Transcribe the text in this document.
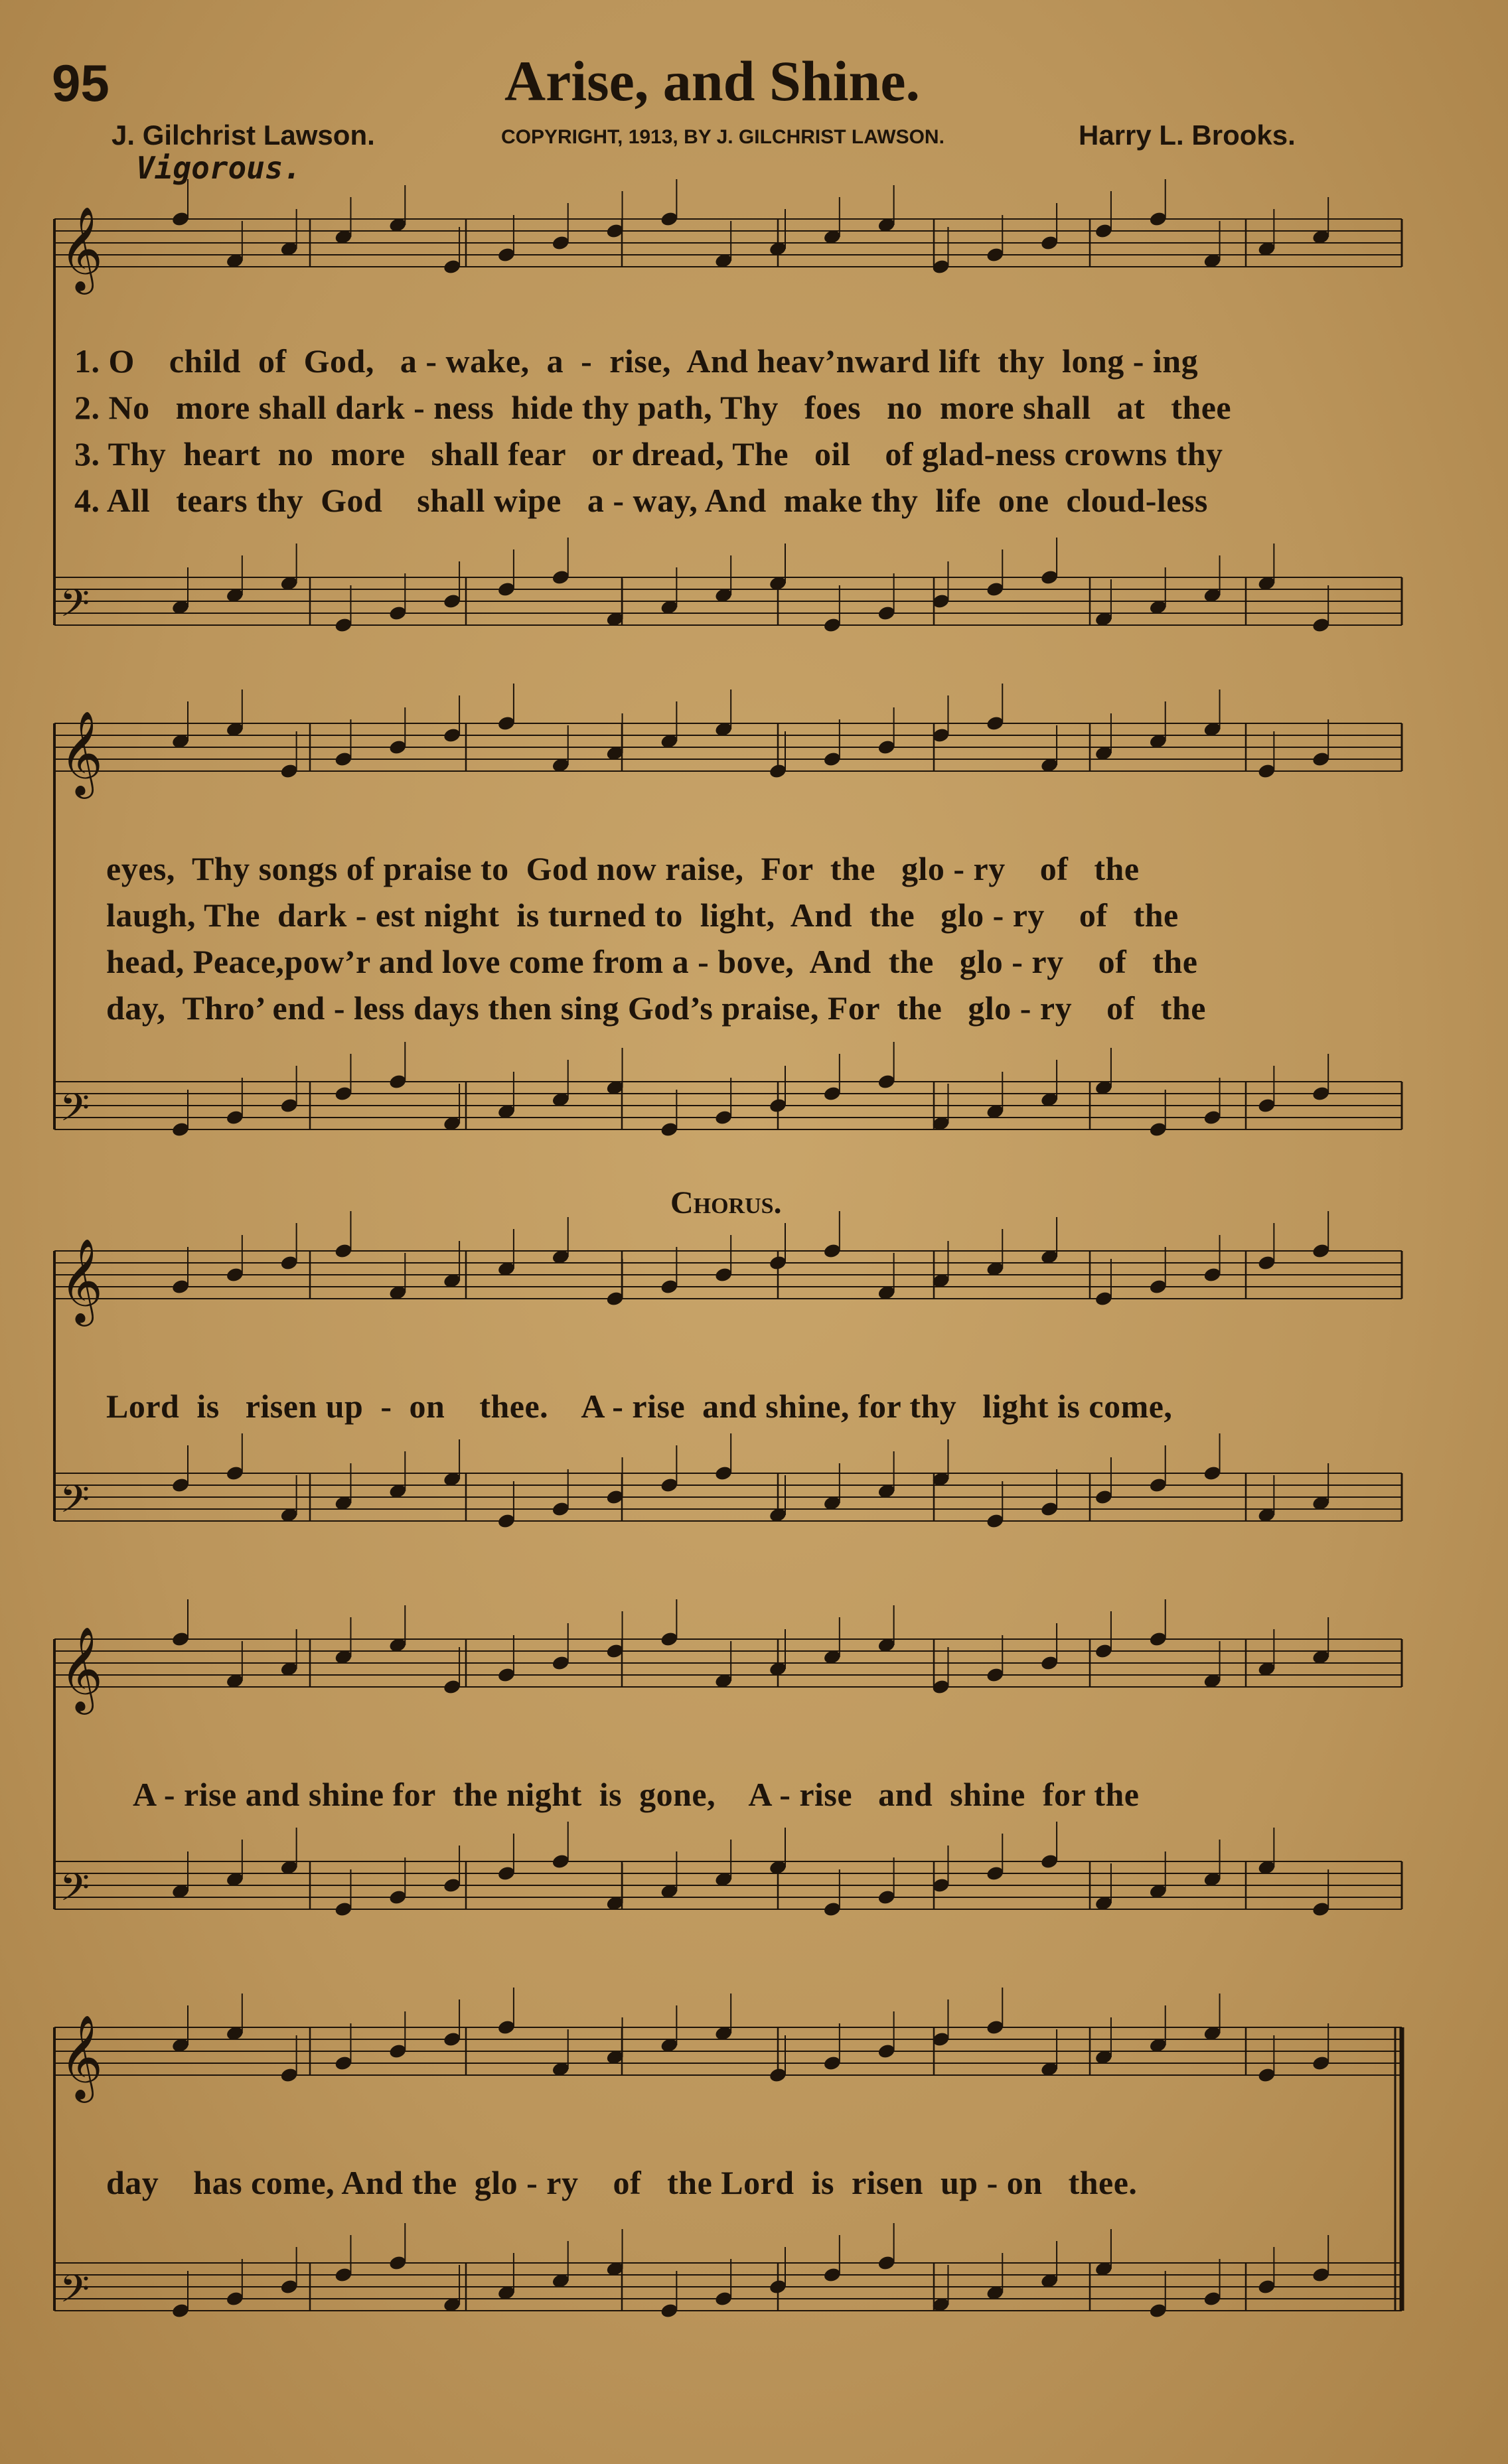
95	Arise, and Shine.
J. Gilchrist Lawson.	COPYRIGHT, 1913, BY J. GILCHRIST LAWSON.	Harry L. Brooks.
Vigorous.
𝄞
𝄢
𝄞
𝄢
𝄞
𝄢
𝄞
𝄢
𝄞
𝄢
1. O    child  of  God,   a - wake,  a  -  rise,  And heav’nward lift  thy  long - ing
2. No   more shall dark - ness  hide thy path, Thy   foes   no  more shall   at   thee
3. Thy  heart  no  more   shall fear   or dread, The   oil    of glad-ness crowns thy
4. All   tears thy  God    shall wipe   a - way, And  make thy  life  one  cloud-less
eyes,  Thy songs of praise to  God now raise,  For  the   glo - ry    of   the
laugh, The  dark - est night  is turned to  light,  And  the   glo - ry    of   the
head, Peace,pow’r and love come from a - bove,  And  the   glo - ry    of   the
day,  Thro’ end - less days then sing God’s praise, For  the   glo - ry    of   the
Chorus.
Lord  is   risen up  -  on    thee.    A - rise  and shine, for thy   light is come,
A - rise and shine for  the night  is  gone,    A - rise   and  shine  for the
day    has come, And the  glo - ry    of   the Lord  is  risen  up - on   thee.
